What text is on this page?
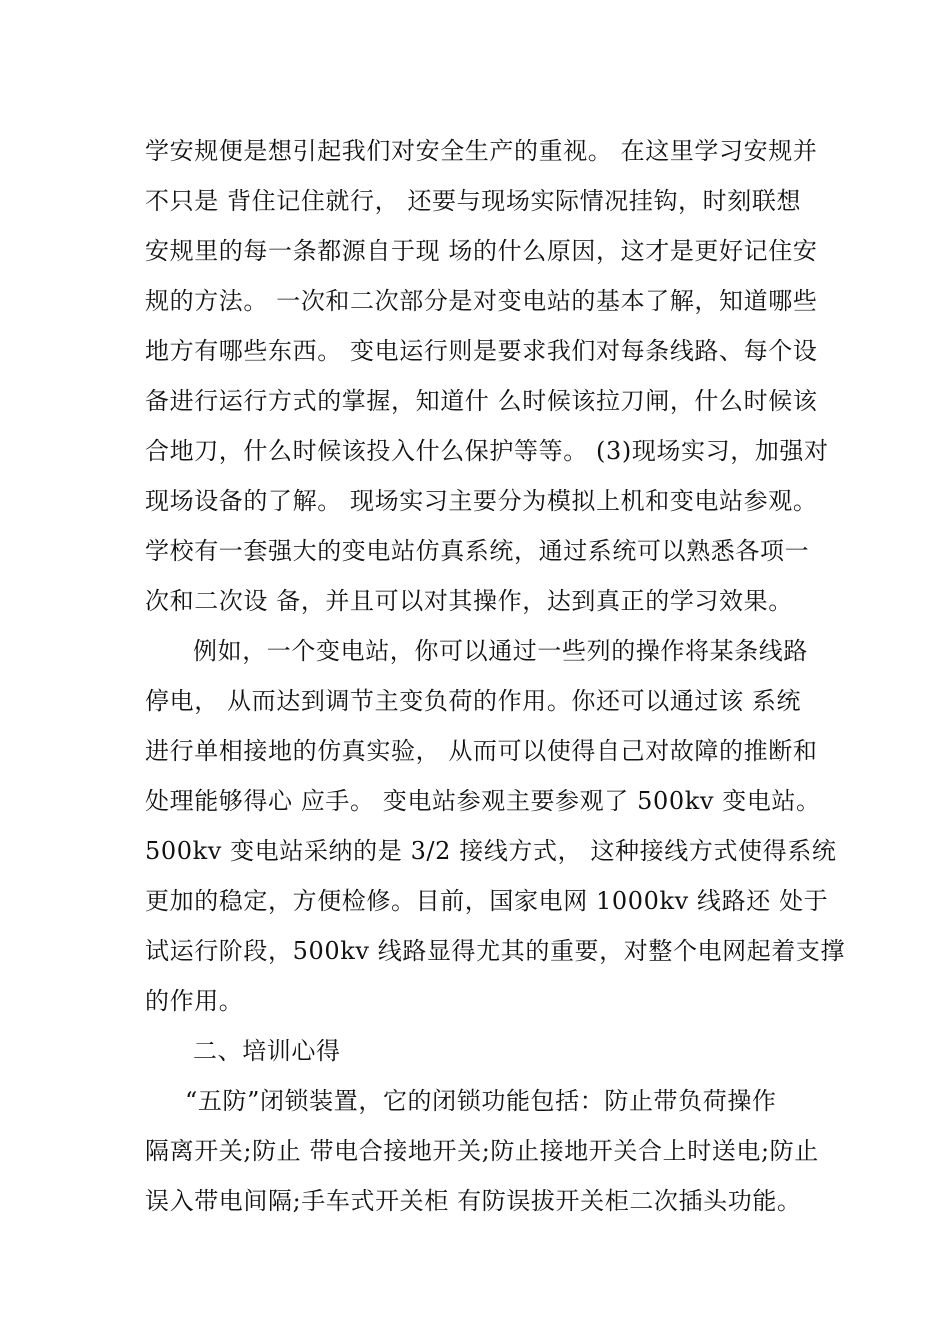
学安规便是想引起我们对安全生产的重视。 在这里学习安规并

不只是 背住记住就行， 还要与现场实际情况挂钩，时刻联想

安规里的每一条都源自于现 场的什么原因，这才是更好记住安

规的方法。 一次和二次部分是对变电站的基本了解，知道哪些

地方有哪些东西。 变电运行则是要求我们对每条线路、每个设

备进行运行方式的掌握，知道什 么时候该拉刀闸，什么时候该

合地刀，什么时候该投入什么保护等等。 (3)现场实习，加强对

现场设备的了解。 现场实习主要分为模拟上机和变电站参观。

学校有一套强大的变电站仿真系统，通过系统可以熟悉各项一

次和二次设 备，并且可以对其操作，达到真正的学习效果。

例如，一个变电站，你可以通过一些列的操作将某条线路

停电， 从而达到调节主变负荷的作用。你还可以通过该 系统

进行单相接地的仿真实验， 从而可以使得自己对故障的推断和

处理能够得心 应手。 变电站参观主要参观了 500kv 变电站。

500kv 变电站采纳的是 3/2 接线方式， 这种接线方式使得系统

更加的稳定，方便检修。目前，国家电网 1000kv 线路还 处于

试运行阶段，500kv 线路显得尤其的重要，对整个电网起着支撑

的作用。

二、培训心得

“五防”闭锁装置，它的闭锁功能包括：防止带负荷操作

隔离开关;防止 带电合接地开关;防止接地开关合上时送电;防止

误入带电间隔;手车式开关柜 有防误拔开关柜二次插头功能。
